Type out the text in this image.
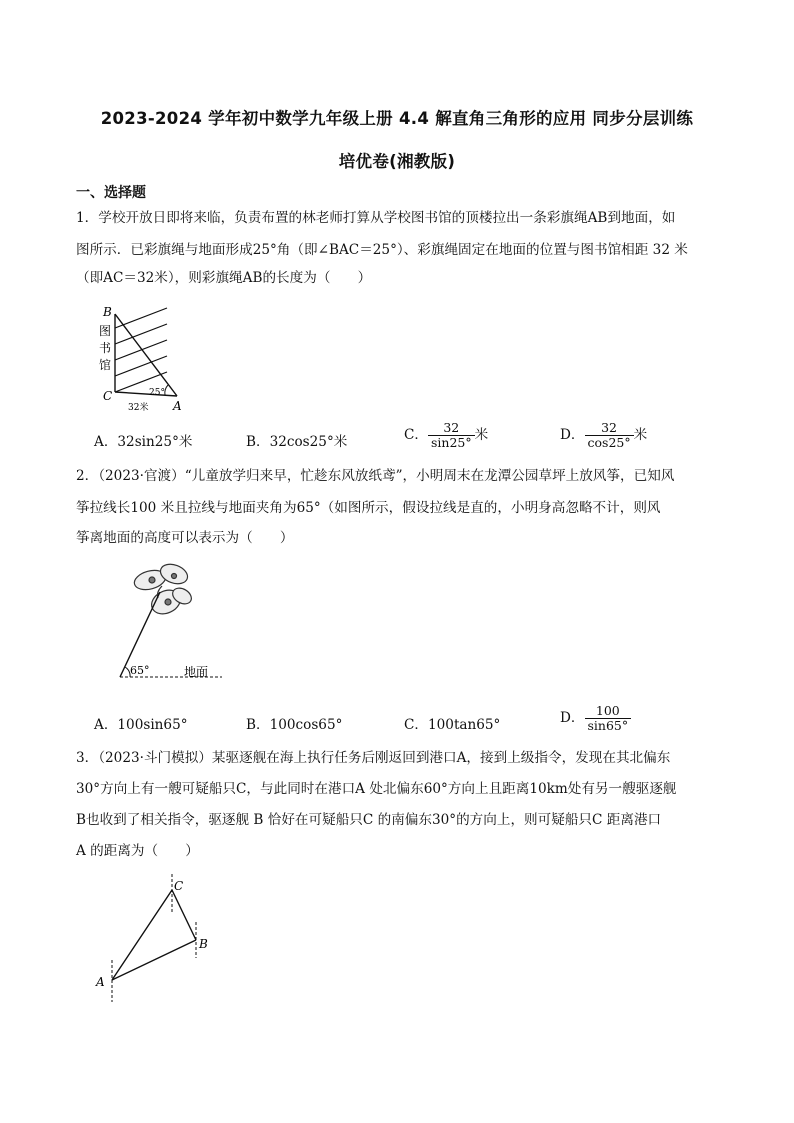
2023-2024 学年初中数学九年级上册 4.4 解直角三角形的应用 同步分层训练
培优卷(湘教版)
一、选择题
1．学校开放日即将来临，负责布置的林老师打算从学校图书馆的顶楼拉出一条彩旗绳AB到地面，如
图所示．已彩旗绳与地面形成25°角（即∠BAC＝25°）、彩旗绳固定在地面的位置与图书馆相距 32 米
（即AC＝32米），则彩旗绳AB的长度为（　　）
B
图
书
馆
C	25°
32米 A
A．32sin25°米	B．32cos25°米	C． $\frac{32}{\sin 25^\circ}$ 米	D． $\frac{32}{\cos 25^\circ}$ 米
2．（2023·官渡）“儿童放学归来早，忙趁东风放纸鸢”，小明周末在龙潭公园草坪上放风筝，已知风
筝拉线长100 米且拉线与地面夹角为65°（如图所示，假设拉线是直的，小明身高忽略不计，则风
筝离地面的高度可以表示为（　　）
65°	地面
A．100sin65°	B．100cos65°	C．100tan65°	D． $\frac{100}{\sin 65^\circ}$
3．（2023·斗门模拟）某驱逐舰在海上执行任务后刚返回到港口A，接到上级指令，发现在其北偏东
30°方向上有一艘可疑船只C，与此同时在港口A 处北偏东60°方向上且距离10km处有另一艘驱逐舰
B也收到了相关指令，驱逐舰 B 恰好在可疑船只C 的南偏东30°的方向上，则可疑船只C 距离港口
A 的距离为（　　）
A
C
B
